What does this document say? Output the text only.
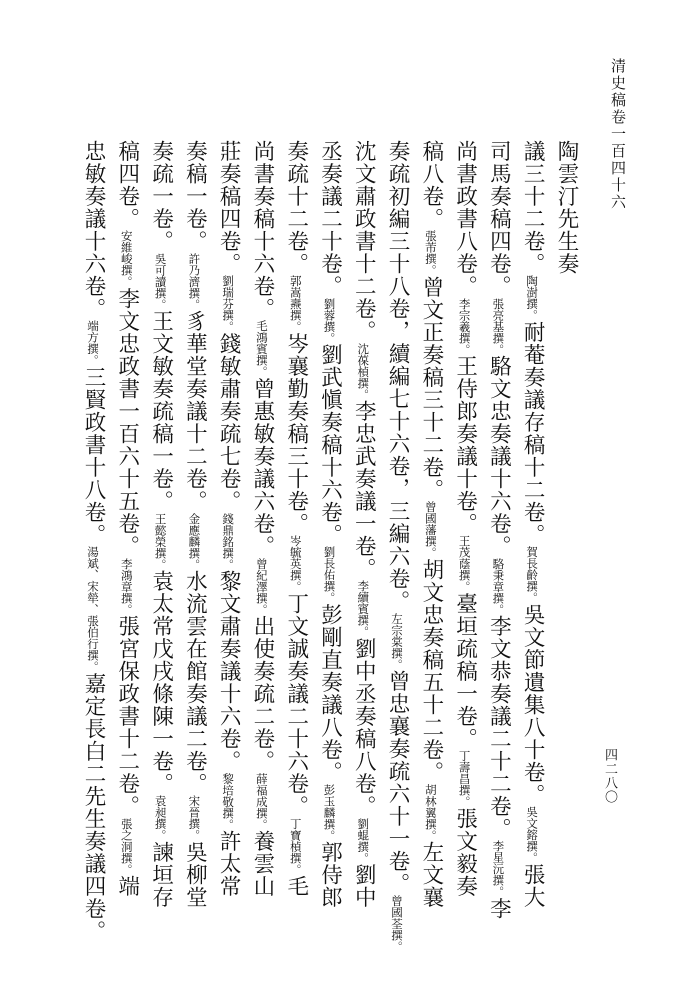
清史稿卷一百四十六
四二八〇
陶雲汀先生奏
議三十二卷。陶澍撰。耐菴奏議存稿十二卷。賀長齡撰。吳文節遺集八十卷。吳文鎔撰。張大
司馬奏稿四卷。張亮基撰。駱文忠奏議十六卷。駱秉章撰。李文恭奏議二十二卷。李星沅撰。李
尚書政書八卷。李宗羲撰。王侍郎奏議十卷。王茂蔭撰。臺垣疏稿一卷。丁壽昌撰。張文毅奏
稿八卷。張芾撰。曾文正奏稿三十二卷。曾國藩撰。胡文忠奏稿五十二卷。胡林翼撰。左文襄
奏疏初編三十八卷，續編七十六卷，三編六卷。左宗棠撰。曾忠襄奏疏六十一卷。曾國荃撰。
沈文肅政書十二卷。沈葆楨撰。李忠武奏議一卷。李續賓撰。劉中丞奏稿八卷。劉蜫撰。劉中
丞奏議二十卷。劉蓉撰。劉武愼奏稿十六卷。劉長佑撰。彭剛直奏議八卷。彭玉麟撰。郭侍郎
奏疏十二卷。郭嵩燾撰。岑襄勤奏稿三十卷。岑毓英撰。丁文誠奏議二十六卷。丁寶楨撰。毛
尚書奏稿十六卷。毛鴻賓撰。曾惠敏奏議六卷。曾紀澤撰。出使奏疏二卷。薛福成撰。養雲山
莊奏稿四卷。劉瑞芬撰。錢敏肅奏疏七卷。錢鼎銘撰。黎文肅奏議十六卷。黎培敬撰。許太常
奏稿一卷。許乃濟撰。豸華堂奏議十二卷。金應麟撰。水流雲在館奏議二卷。宋晉撰。吳柳堂
奏疏一卷。吳可讀撰。王文敏奏疏稿一卷。王懿榮撰。袁太常戊戌條陳一卷。袁昶撰。諫垣存
稿四卷。安維峻撰。李文忠政書一百六十五卷。李鴻章撰。張宮保政書十二卷。張之洞撰。端
忠敏奏議十六卷。端方撰。三賢政書十八卷。湯斌、宋犖、張伯行撰。嘉定長白二先生奏議四卷。
